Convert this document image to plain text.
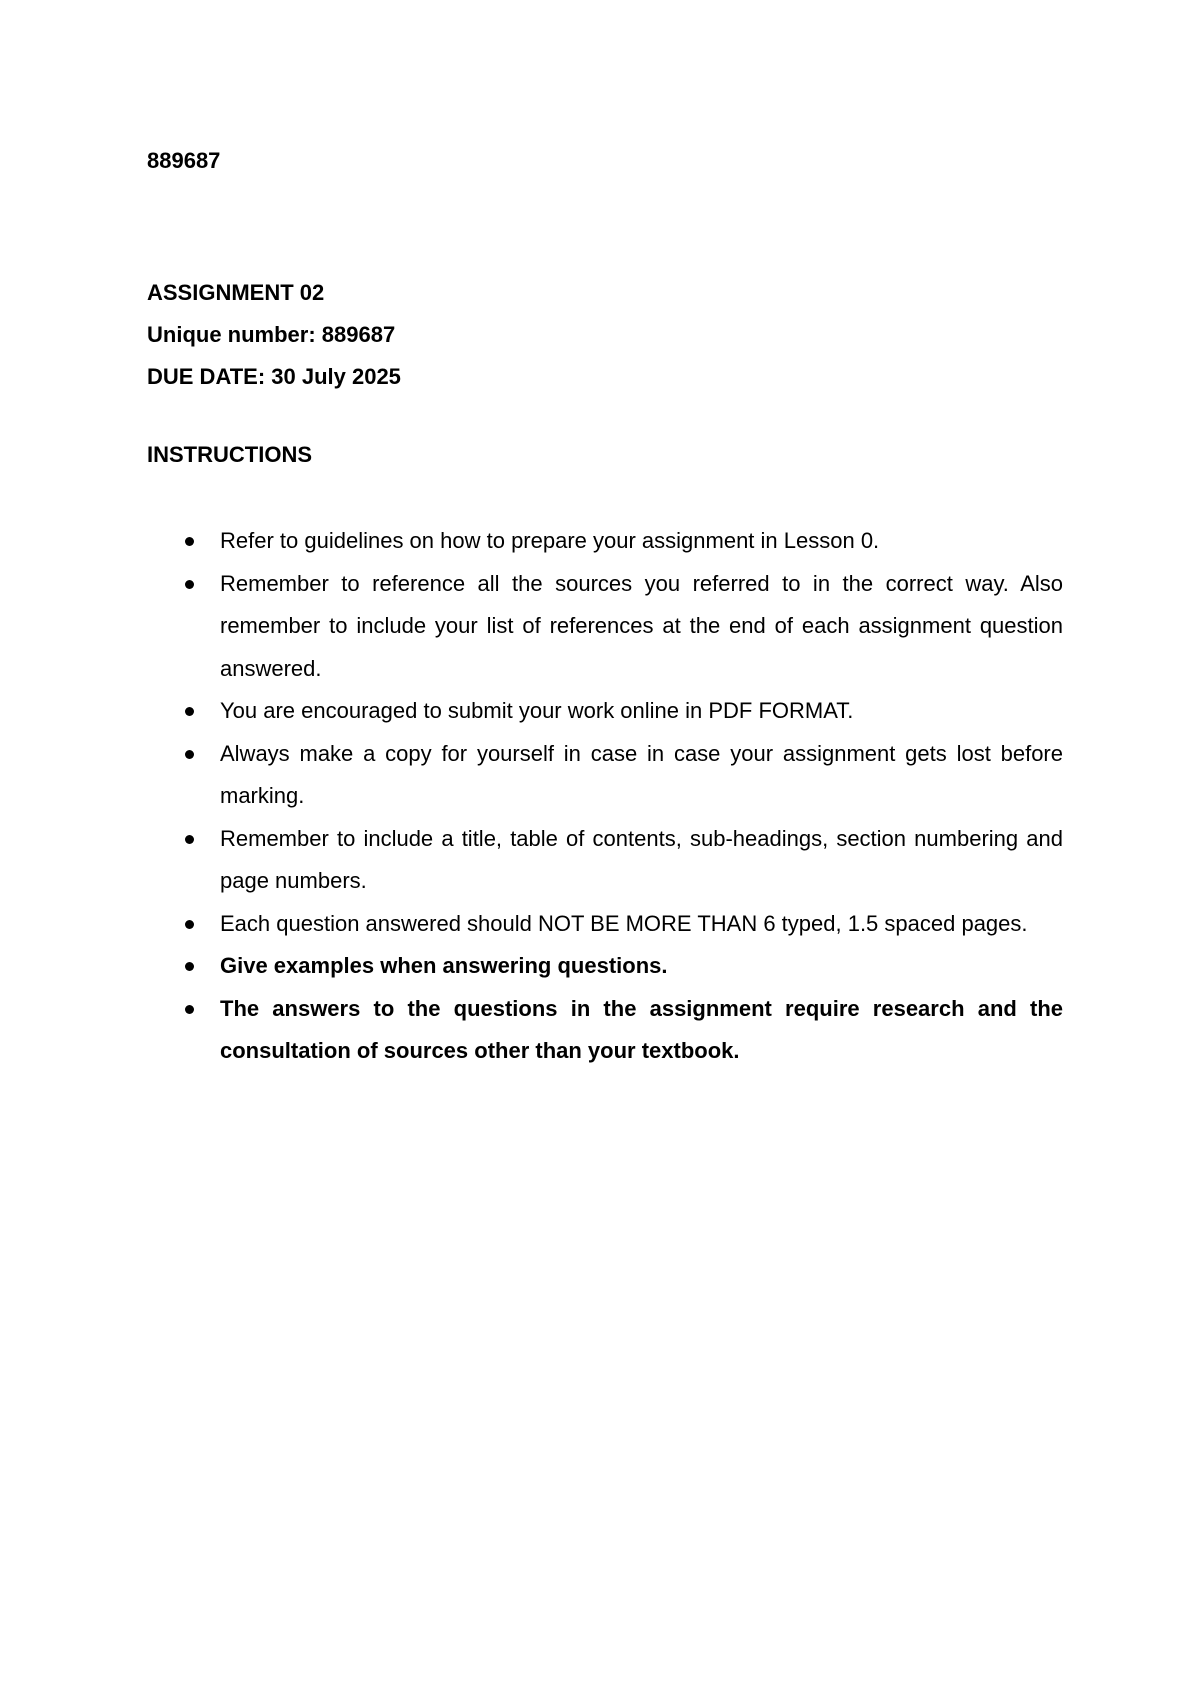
889687
ASSIGNMENT 02
Unique number: 889687
DUE DATE: 30 July 2025
INSTRUCTIONS
Refer to guidelines on how to prepare your assignment in Lesson 0.
Remember to reference all the sources you referred to in the correct way. Also remember to include your list of references at the end of each assignment question answered.
You are encouraged to submit your work online in PDF FORMAT.
Always make a copy for yourself in case in case your assignment gets lost before marking.
Remember to include a title, table of contents, sub-headings, section numbering and page numbers.
Each question answered should NOT BE MORE THAN 6 typed, 1.5 spaced pages.
Give examples when answering questions.
The answers to the questions in the assignment require research and the consultation of sources other than your textbook.
